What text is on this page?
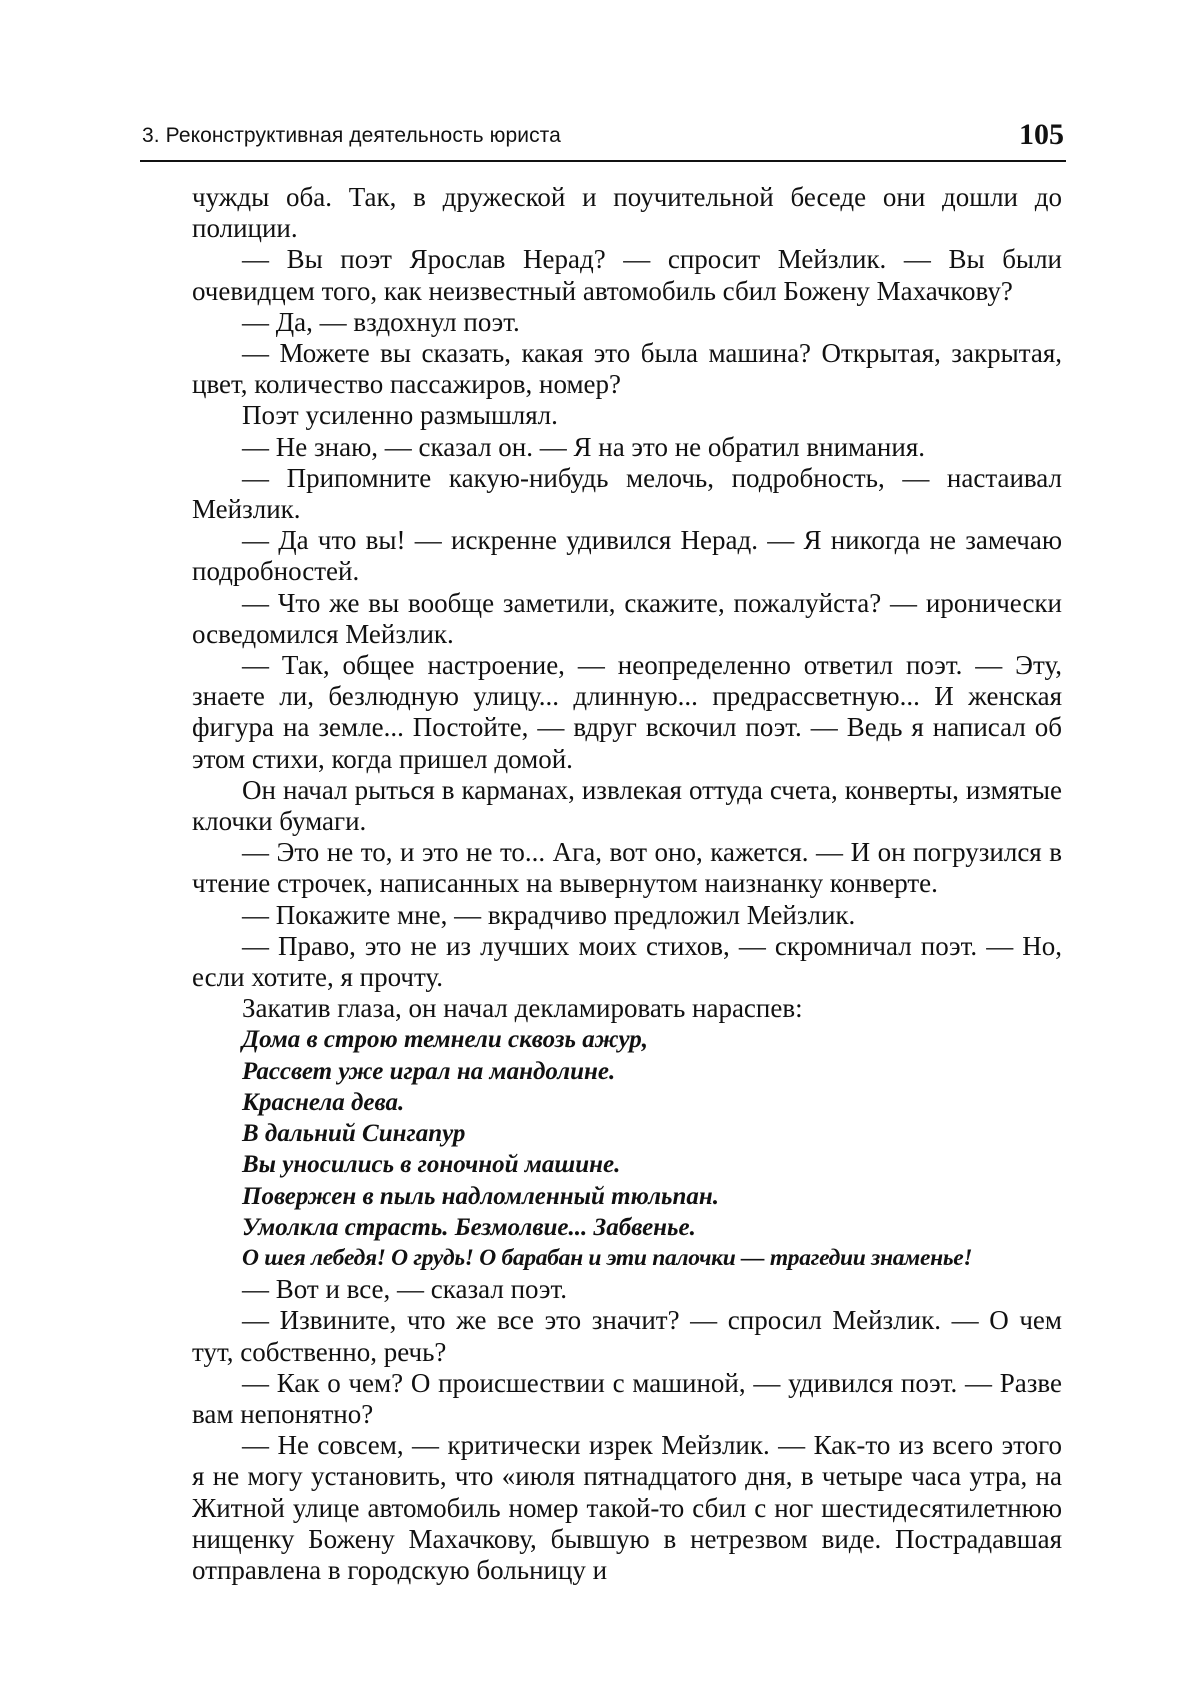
3. Реконструктивная деятельность юриста	105

чужды оба. Так, в дружеской и поучительной беседе они дошли до полиции.

— Вы поэт Ярослав Нерад? — спросит Мейзлик. — Вы были очевидцем того, как неизвестный автомобиль сбил Божену Махачкову?

— Да, — вздохнул поэт.

— Можете вы сказать, какая это была машина? Открытая, закрытая, цвет, количество пассажиров, номер?

Поэт усиленно размышлял.

— Не знаю, — сказал он. — Я на это не обратил внимания.

— Припомните какую-нибудь мелочь, подробность, — настаивал Мейзлик.

— Да что вы! — искренне удивился Нерад. — Я никогда не замечаю подробностей.

— Что же вы вообще заметили, скажите, пожалуйста? — иронически осведомился Мейзлик.

— Так, общее настроение, — неопределенно ответил поэт. — Эту, знаете ли, безлюдную улицу... длинную... предрассветную... И женская фигура на земле... Постойте, — вдруг вскочил поэт. — Ведь я написал об этом стихи, когда пришел домой.

Он начал рыться в карманах, извлекая оттуда счета, конверты, измятые клочки бумаги.

— Это не то, и это не то... Ага, вот оно, кажется. — И он погрузился в чтение строчек, написанных на вывернутом наизнанку конверте.

— Покажите мне, — вкрадчиво предложил Мейзлик.

— Право, это не из лучших моих стихов, — скромничал поэт. — Но, если хотите, я прочту.

Закатив глаза, он начал декламировать нараспев:

Дома в строю темнели сквозь ажур,

Рассвет уже играл на мандолине.

Краснела дева.

В дальний Сингапур

Вы уносились в гоночной машине.

Повержен в пыль надломленный тюльпан.

Умолкла страсть. Безмолвие... Забвенье.

О шея лебедя! О грудь! О барабан и эти палочки — трагедии знаменье!

— Вот и все, — сказал поэт.

— Извините, что же все это значит? — спросил Мейзлик. — О чем тут, собственно, речь?

— Как о чем? О происшествии с машиной, — удивился поэт. — Разве вам непонятно?

— Не совсем, — критически изрек Мейзлик. — Как-то из всего этого я не могу установить, что «июля пятнадцатого дня, в четыре часа утра, на Житной улице автомобиль номер такой-то сбил с ног шестидесятилетнюю нищенку Божену Махачкову, бывшую в нетрезвом виде. Пострадавшая отправлена в городскую больницу и
